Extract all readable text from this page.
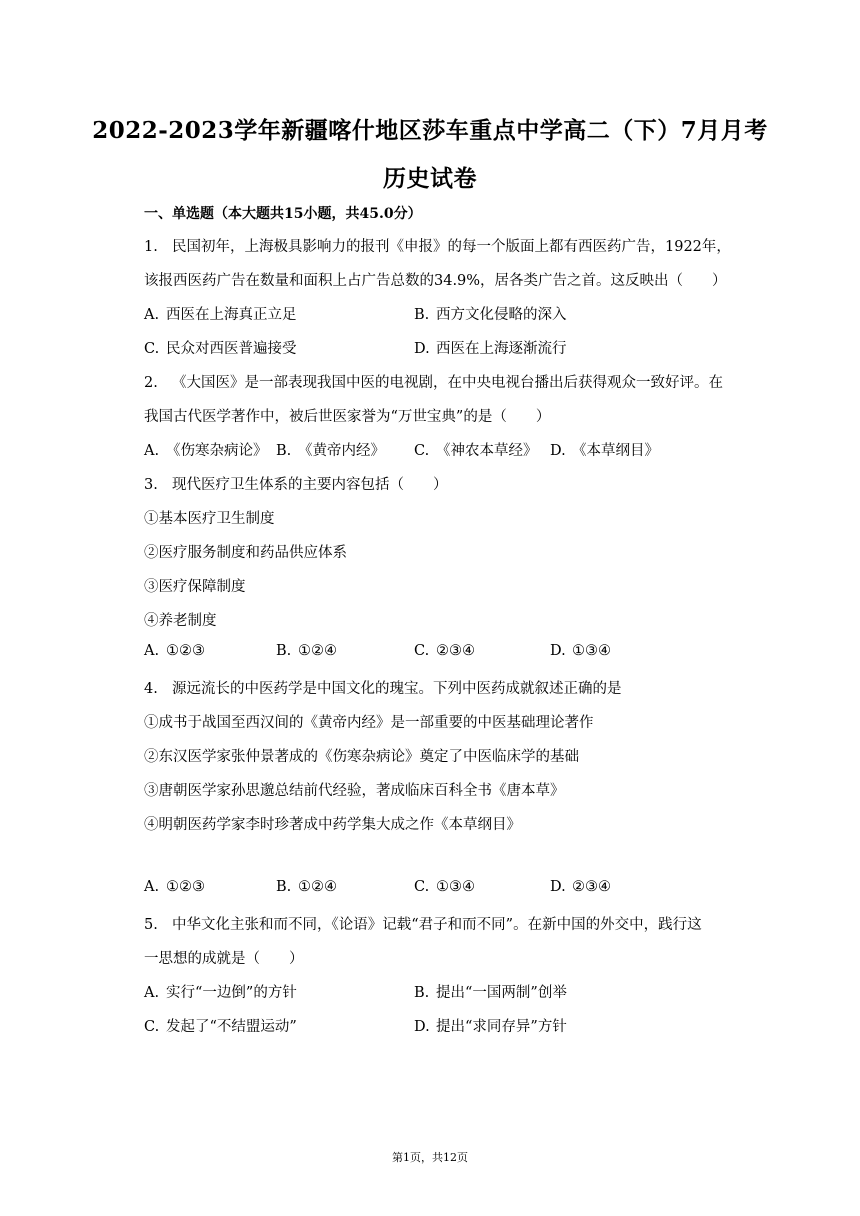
2022-2023学年新疆喀什地区莎车重点中学高二（下）7月月考
历史试卷
一、单选题（本大题共15小题，共45.0分）
1. 民国初年，上海极具影响力的报刊《申报》的每一个版面上都有西医药广告，1922年，
该报西医药广告在数量和面积上占广告总数的34.9%，居各类广告之首。这反映出（　　）
A. 西医在上海真正立足	B. 西方文化侵略的深入
C. 民众对西医普遍接受	D. 西医在上海逐渐流行
2. 《大国医》是一部表现我国中医的电视剧，在中央电视台播出后获得观众一致好评。在
我国古代医学著作中，被后世医家誉为“万世宝典”的是（　　）
A. 《伤寒杂病论》 B. 《黄帝内经》 C. 《神农本草经》 D. 《本草纲目》
3. 现代医疗卫生体系的主要内容包括（　　）
①基本医疗卫生制度
②医疗服务制度和药品供应体系
③医疗保障制度
④养老制度
A. ①②③	B. ①②④	C. ②③④	D. ①③④
4. 源远流长的中医药学是中国文化的瑰宝。下列中医药成就叙述正确的是
①成书于战国至西汉间的《黄帝内经》是一部重要的中医基础理论著作
②东汉医学家张仲景著成的《伤寒杂病论》奠定了中医临床学的基础
③唐朝医学家孙思邈总结前代经验，著成临床百科全书《唐本草》
④明朝医药学家李时珍著成中药学集大成之作《本草纲目》
A. ①②③	B. ①②④	C. ①③④	D. ②③④
5. 中华文化主张和而不同，《论语》记载“君子和而不同”。在新中国的外交中，践行这
一思想的成就是（　　）
A. 实行“一边倒”的方针	B. 提出“一国两制”创举
C. 发起了“不结盟运动”	D. 提出“求同存异”方针
第1页，共12页
